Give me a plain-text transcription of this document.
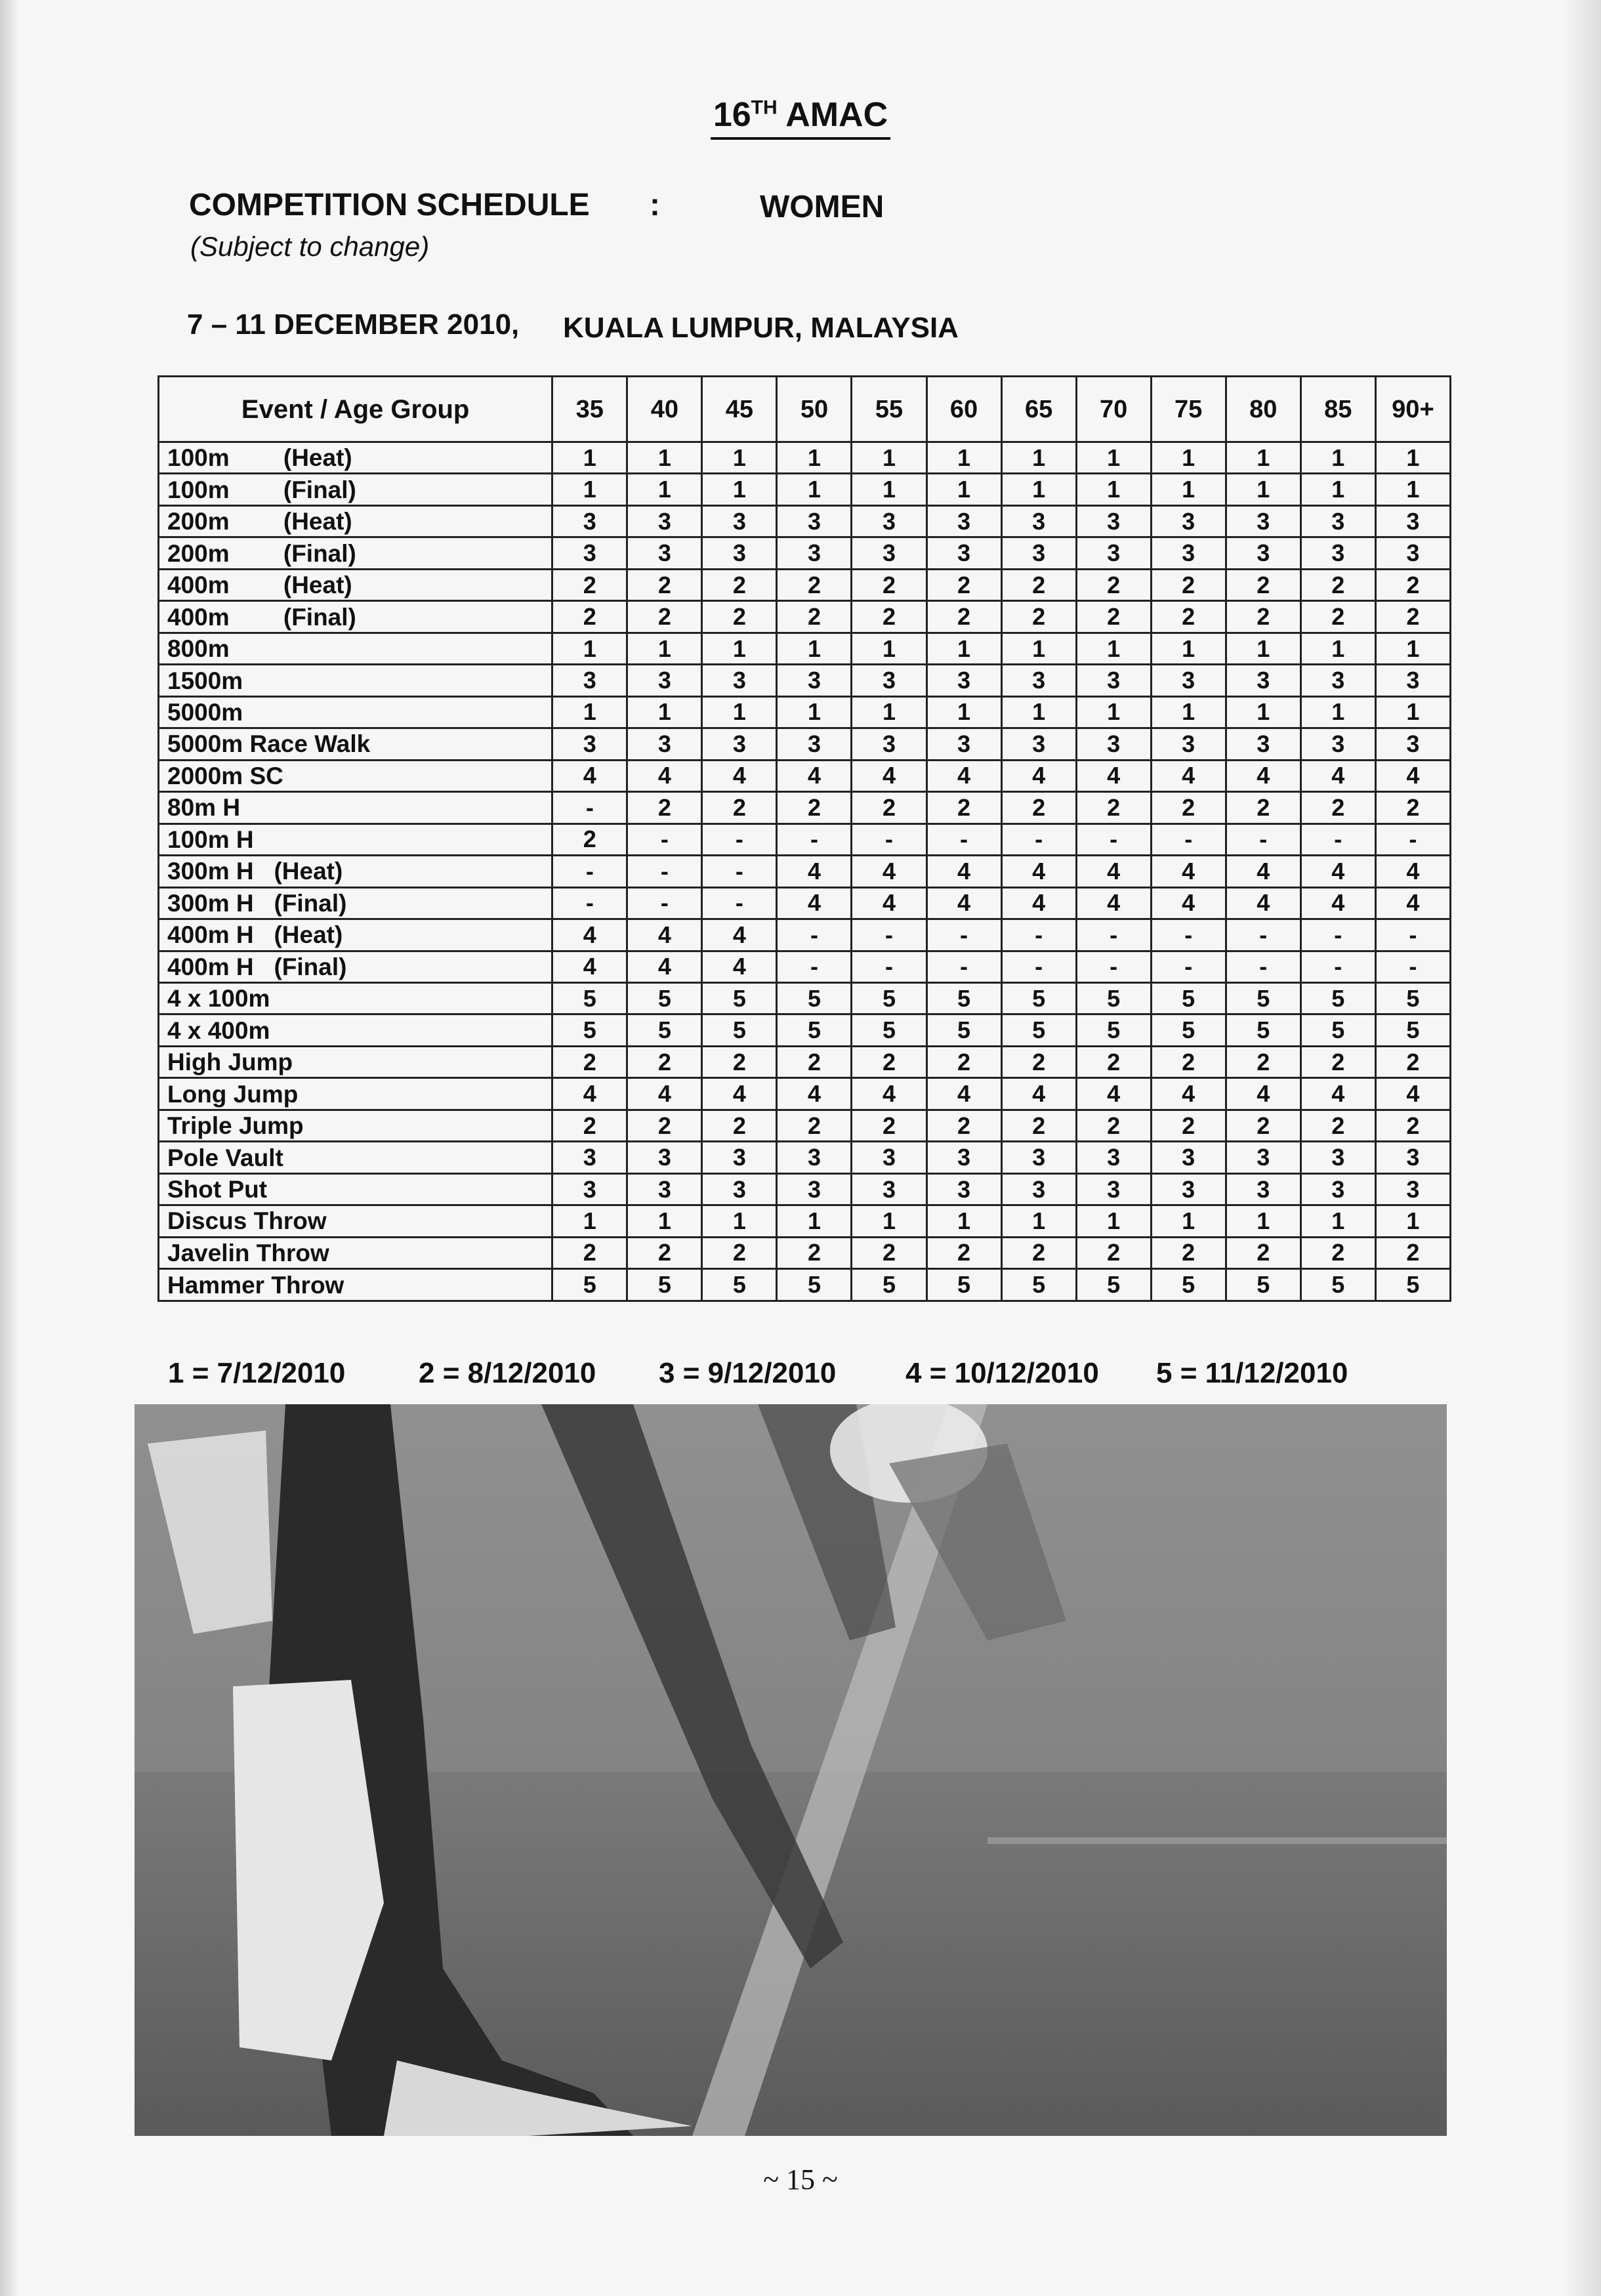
16TH AMAC
COMPETITION SCHEDULE :	WOMEN
(Subject to change)
7 – 11 DECEMBER 2010, KUALA LUMPUR, MALAYSIA
Event / Age Group	35	40	45	50	55	60	65	70	75	80	85	90+
100m        (Heat)	1	1	1	1	1	1	1	1	1	1	1	1
100m        (Final)	1	1	1	1	1	1	1	1	1	1	1	1
200m        (Heat)	3	3	3	3	3	3	3	3	3	3	3	3
200m        (Final)	3	3	3	3	3	3	3	3	3	3	3	3
400m        (Heat)	2	2	2	2	2	2	2	2	2	2	2	2
400m        (Final)	2	2	2	2	2	2	2	2	2	2	2	2
800m	1	1	1	1	1	1	1	1	1	1	1	1
1500m	3	3	3	3	3	3	3	3	3	3	3	3
5000m	1	1	1	1	1	1	1	1	1	1	1	1
5000m Race Walk	3	3	3	3	3	3	3	3	3	3	3	3
2000m SC	4	4	4	4	4	4	4	4	4	4	4	4
80m H	-	2	2	2	2	2	2	2	2	2	2	2
100m H	2	-	-	-	-	-	-	-	-	-	-	-
300m H   (Heat)	-	-	-	4	4	4	4	4	4	4	4	4
300m H   (Final)	-	-	-	4	4	4	4	4	4	4	4	4
400m H   (Heat)	4	4	4	-	-	-	-	-	-	-	-	-
400m H   (Final)	4	4	4	-	-	-	-	-	-	-	-	-
4 x 100m	5	5	5	5	5	5	5	5	5	5	5	5
4 x 400m	5	5	5	5	5	5	5	5	5	5	5	5
High Jump	2	2	2	2	2	2	2	2	2	2	2	2
Long Jump	4	4	4	4	4	4	4	4	4	4	4	4
Triple Jump	2	2	2	2	2	2	2	2	2	2	2	2
Pole Vault	3	3	3	3	3	3	3	3	3	3	3	3
Shot Put	3	3	3	3	3	3	3	3	3	3	3	3
Discus Throw	1	1	1	1	1	1	1	1	1	1	1	1
Javelin Throw	2	2	2	2	2	2	2	2	2	2	2	2
Hammer Throw	5	5	5	5	5	5	5	5	5	5	5	5
1 = 7/12/2010	2 = 8/12/2010 3 = 9/12/2010 4 = 10/12/2010 5 = 11/12/2010
~ 15 ~
